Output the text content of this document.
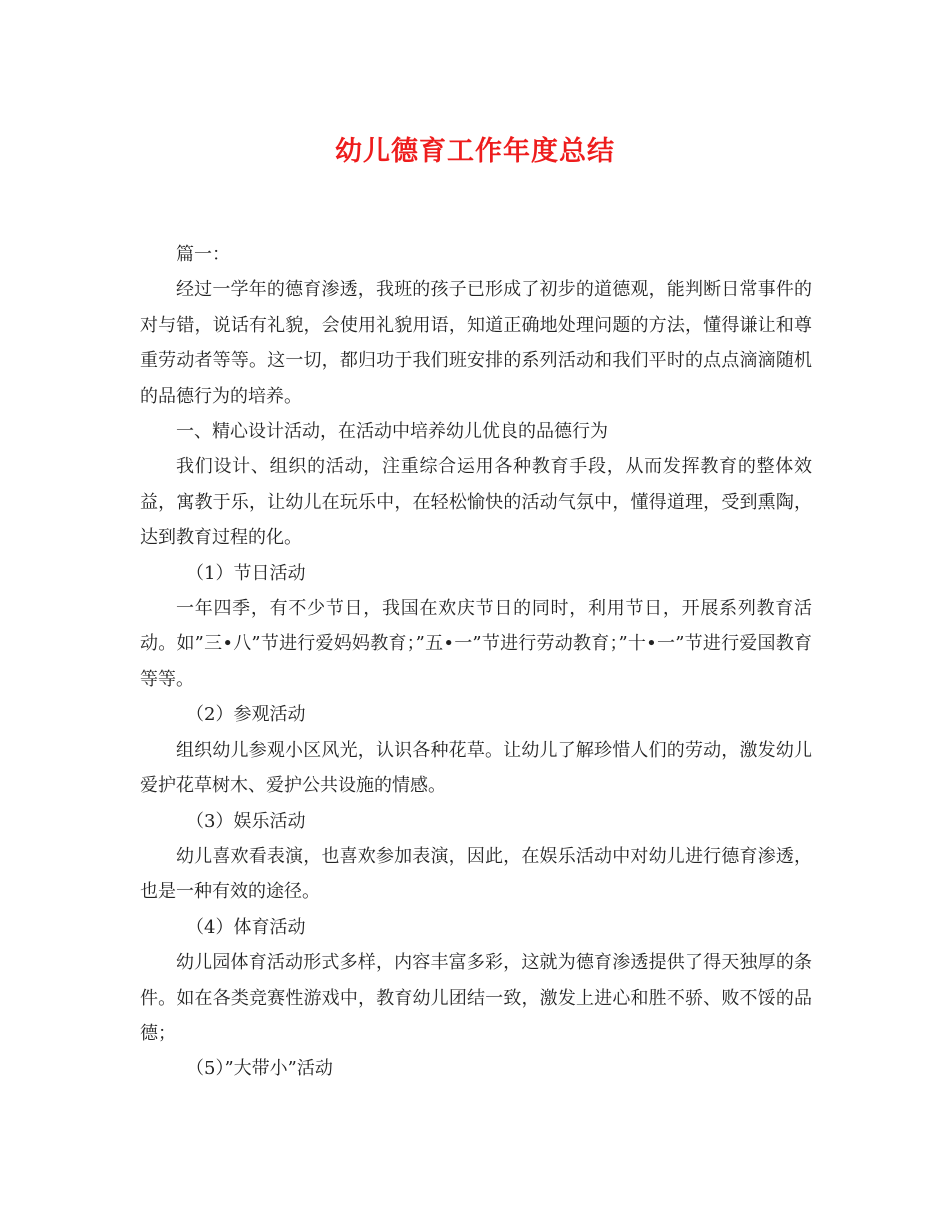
幼儿德育工作年度总结

篇一：

经过一学年的德育渗透，我班的孩子已形成了初步的道德观，能判断日常事件的对与错，说话有礼貌，会使用礼貌用语，知道正确地处理问题的方法，懂得谦让和尊重劳动者等等。这一切，都归功于我们班安排的系列活动和我们平时的点点滴滴随机的品德行为的培养。

一、精心设计活动，在活动中培养幼儿优良的品德行为

我们设计、组织的活动，注重综合运用各种教育手段，从而发挥教育的整体效益，寓教于乐，让幼儿在玩乐中，在轻松愉快的活动气氛中，懂得道理，受到熏陶，达到教育过程的化。

（1）节日活动

一年四季，有不少节日，我国在欢庆节日的同时，利用节日，开展系列教育活动。如”三•八”节进行爱妈妈教育；”五•一”节进行劳动教育；”十•一”节进行爱国教育等等。

（2）参观活动

组织幼儿参观小区风光，认识各种花草。让幼儿了解珍惜人们的劳动，激发幼儿爱护花草树木、爱护公共设施的情感。

（3）娱乐活动

幼儿喜欢看表演，也喜欢参加表演，因此，在娱乐活动中对幼儿进行德育渗透，也是一种有效的途径。

（4）体育活动

幼儿园体育活动形式多样，内容丰富多彩，这就为德育渗透提供了得天独厚的条件。如在各类竞赛性游戏中，教育幼儿团结一致，激发上进心和胜不骄、败不馁的品德；

（5）”大带小”活动
